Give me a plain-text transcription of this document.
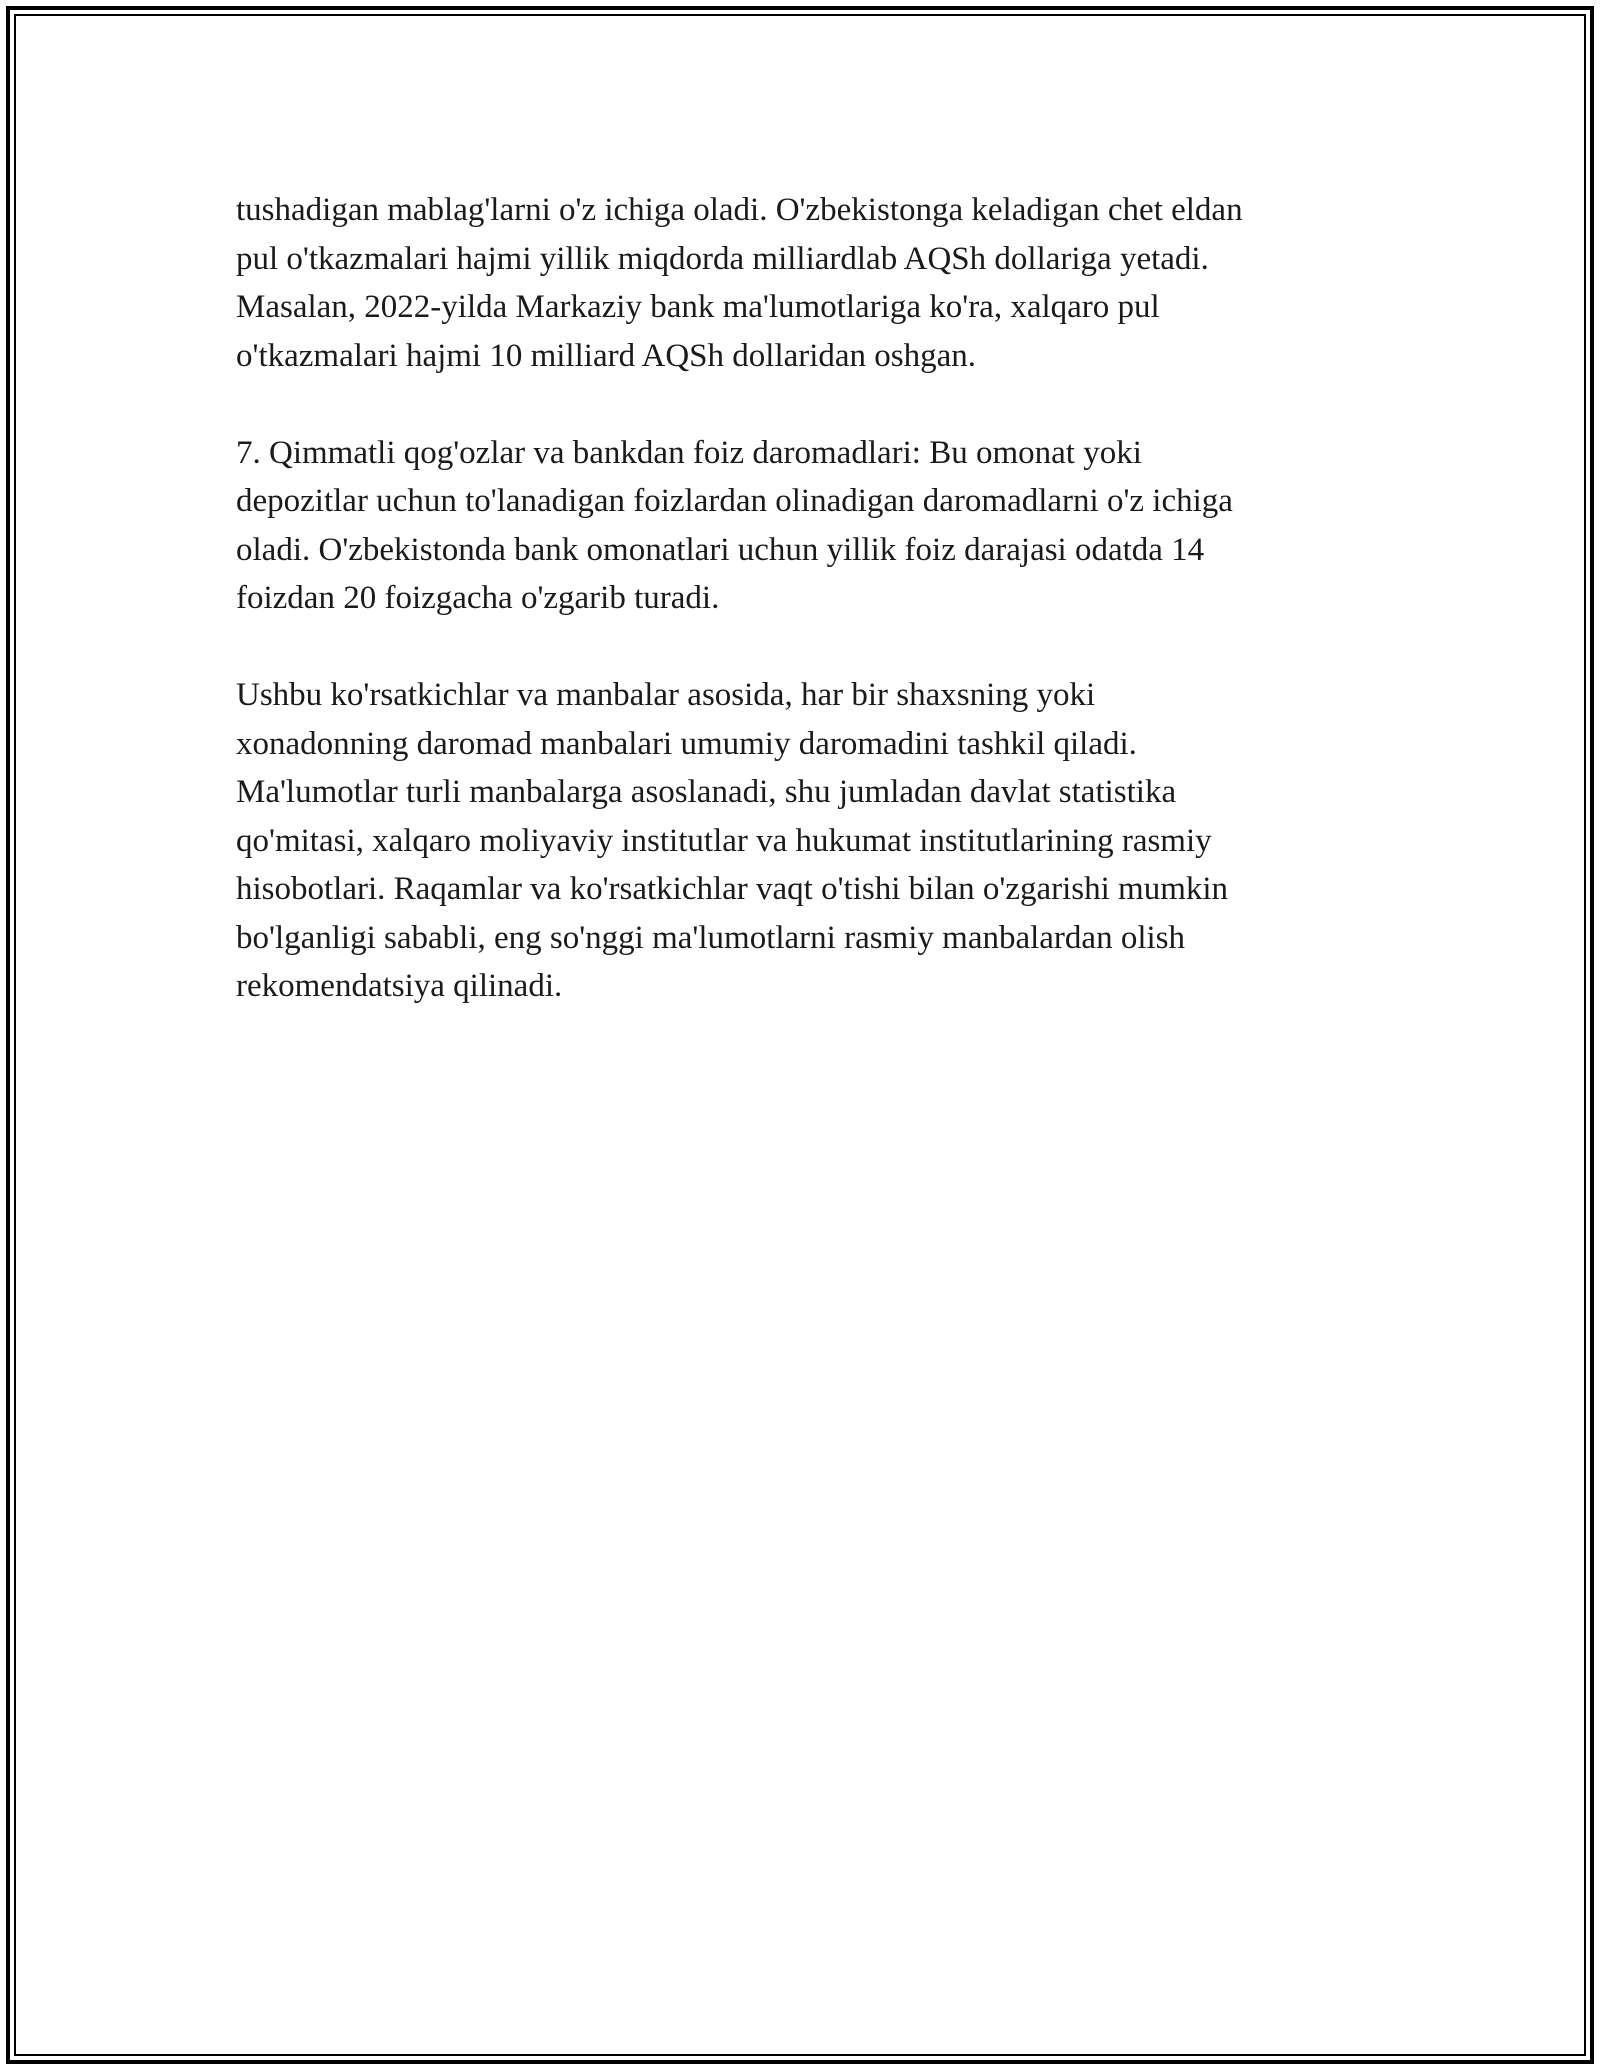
tushadigan mablag'larni o'z ichiga oladi. O'zbekistonga keladigan chet eldan
pul o'tkazmalari hajmi yillik miqdorda milliardlab AQSh dollariga yetadi.
Masalan, 2022-yilda Markaziy bank ma'lumotlariga ko'ra, xalqaro pul
o'tkazmalari hajmi 10 milliard AQSh dollaridan oshgan.

7. Qimmatli qog'ozlar va bankdan foiz daromadlari: Bu omonat yoki
depozitlar uchun to'lanadigan foizlardan olinadigan daromadlarni o'z ichiga
oladi. O'zbekistonda bank omonatlari uchun yillik foiz darajasi odatda 14
foizdan 20 foizgacha o'zgarib turadi.

Ushbu ko'rsatkichlar va manbalar asosida, har bir shaxsning yoki
xonadonning daromad manbalari umumiy daromadini tashkil qiladi.
Ma'lumotlar turli manbalarga asoslanadi, shu jumladan davlat statistika
qo'mitasi, xalqaro moliyaviy institutlar va hukumat institutlarining rasmiy
hisobotlari. Raqamlar va ko'rsatkichlar vaqt o'tishi bilan o'zgarishi mumkin
bo'lganligi sababli, eng so'nggi ma'lumotlarni rasmiy manbalardan olish
rekomendatsiya qilinadi.
